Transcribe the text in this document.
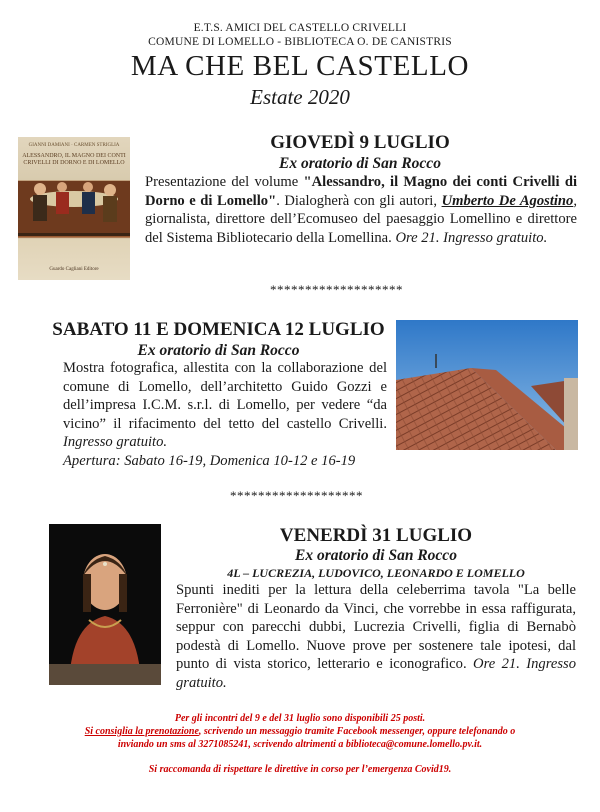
E.T.S. AMICI DEL CASTELLO CRIVELLI
COMUNE DI LOMELLO - BIBLIOTECA O. DE CANISTRIS
MA CHE BEL CASTELLO
Estate 2020
GIANNI DAMIANI · CARMEN STRIGLIA
ALESSANDRO, IL MAGNO DEI CONTI CRIVELLI DI DORNO E DI LOMELLO
Guardo Cagliani Editore
GIOVEDÌ 9 LUGLIO
Ex oratorio di San Rocco
Presentazione del volume "Alessandro, il Magno dei conti Crivelli di Dorno e di Lomello". Dialogherà con gli autori, Umberto De Agostino, giornalista, direttore dell’Ecomuseo del paesaggio Lomellino e direttore del Sistema Bibliotecario della Lomellina. Ore 21. Ingresso gratuito.
*******************
SABATO 11 E DOMENICA 12 LUGLIO
Ex oratorio di San Rocco
Mostra fotografica, allestita con la collaborazione del comune di Lomello, dell’architetto Guido Gozzi e dell’impresa I.C.M. s.r.l. di Lomello, per vedere “da vicino” il rifacimento del tetto del castello Crivelli. Ingresso gratuito.
Apertura: Sabato 16-19, Domenica 10-12 e 16-19
*******************
VENERDÌ 31 LUGLIO
Ex oratorio di San Rocco
4L – LUCREZIA, LUDOVICO, LEONARDO E LOMELLO
Spunti inediti per la lettura della celeberrima tavola "La belle Ferronière" di Leonardo da Vinci, che vorrebbe in essa raffigurata, seppur con parecchi dubbi, Lucrezia Crivelli, figlia di Bernabò podestà di Lomello. Nuove prove per sostenere tale ipotesi, dal punto di vista storico, letterario e iconografico. Ore 21. Ingresso gratuito.
Per gli incontri del 9 e del 31 luglio sono disponibili 25 posti.
Si consiglia la prenotazione, scrivendo un messaggio tramite Facebook messenger, oppure telefonando o
inviando un sms al 3271085241, scrivendo altrimenti a biblioteca@comune.lomello.pv.it.
Si raccomanda di rispettare le direttive in corso per l’emergenza Covid19.
